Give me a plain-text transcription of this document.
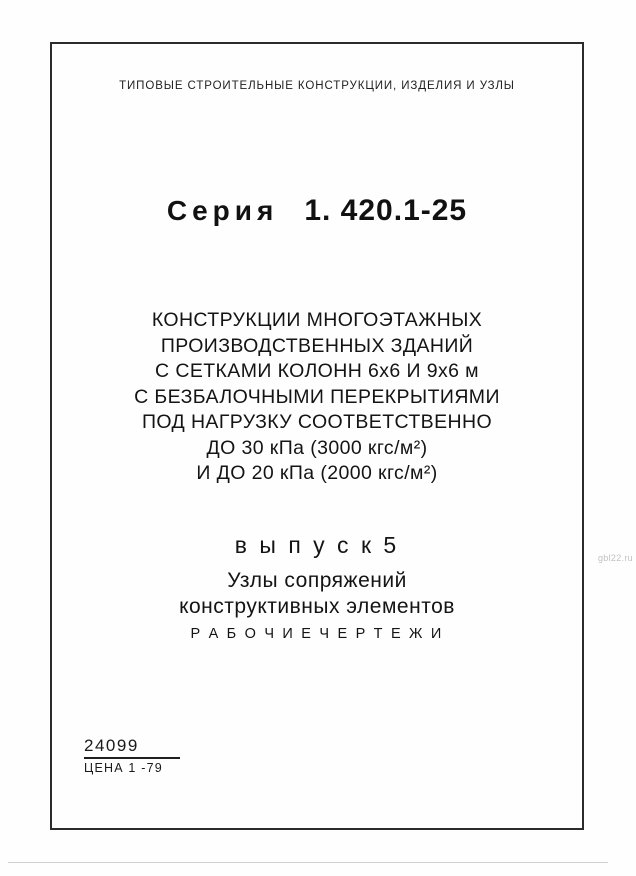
ТИПОВЫЕ СТРОИТЕЛЬНЫЕ КОНСТРУКЦИИ, ИЗДЕЛИЯ И УЗЛЫ
Серия 1. 420.1-25
КОНСТРУКЦИИ МНОГОЭТАЖНЫХ
ПРОИЗВОДСТВЕННЫХ ЗДАНИЙ
С СЕТКАМИ КОЛОНН 6х6 И 9х6 м
С БЕЗБАЛОЧНЫМИ ПЕРЕКРЫТИЯМИ
ПОД НАГРУЗКУ СООТВЕТСТВЕННО
ДО 30 кПа (3000 кгс/м²)
И ДО 20 кПа (2000 кгс/м²)
в ы п у с к 5
Узлы сопряжений
конструктивных элементов
Р А Б О Ч И Е Ч Е Р Т Е Ж И
24099
ЦЕНА 1 -79
gbl22.ru
